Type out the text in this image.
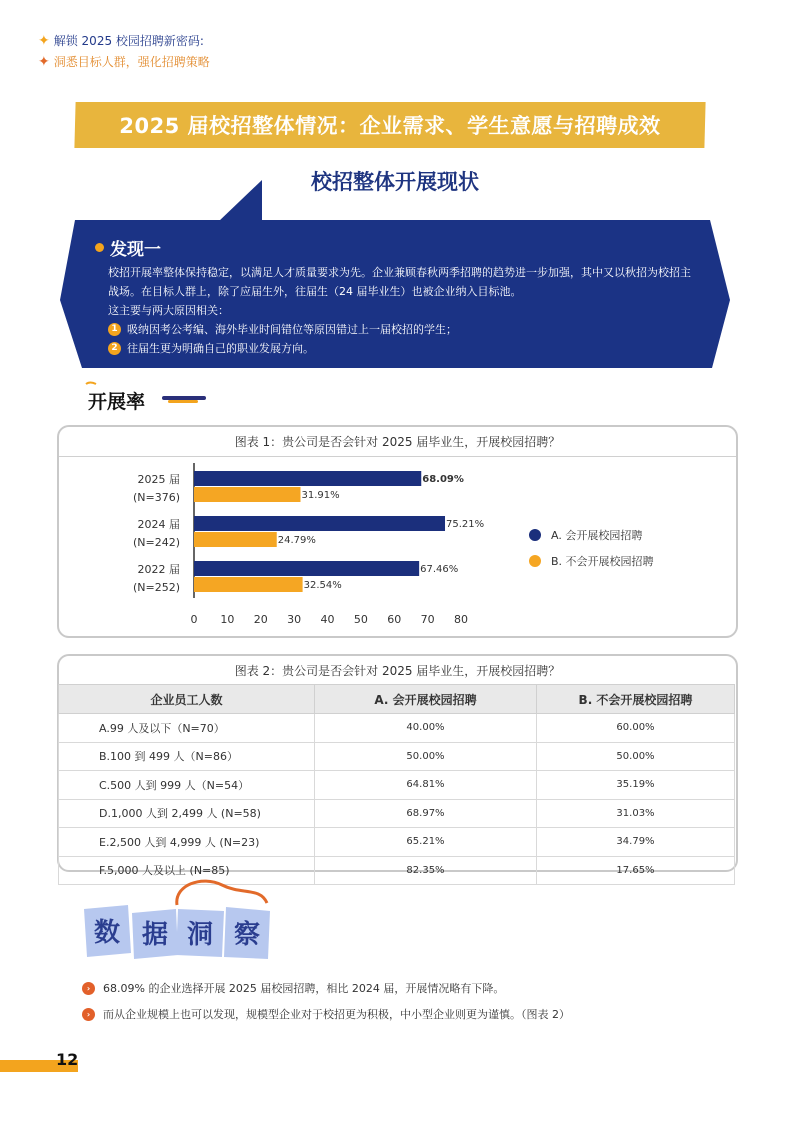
✦ 解锁 2025 校园招聘新密码:
✦ 洞悉目标人群，强化招聘策略
2025 届校招整体情况：企业需求、学生意愿与招聘成效
校招整体开展现状
发现一
校招开展率整体保持稳定，以满足人才质量要求为先。企业兼顾春秋两季招聘的趋势进一步加强，其中又以秋招为校招主战场。在目标人群上，除了应届生外，往届生（24 届毕业生）也被企业纳入目标池。
这主要与两大原因相关：
1 吸纳因考公考编、海外毕业时间错位等原因错过上一届校招的学生；
2 往届生更为明确自己的职业发展方向。
开展率
图表 1：贵公司是否会针对 2025 届毕业生，开展校园招聘？
2025 届
(N=376)
68.09%
31.91%
2024 届
(N=242)
75.21%
24.79%
2022 届
(N=252)
67.46%
32.54%
0 10 20 30 40 50 60 70 80
A. 会开展校园招聘
B. 不会开展校园招聘
图表 2：贵公司是否会针对 2025 届毕业生，开展校园招聘？
企业员工人数	A. 会开展校园招聘	B. 不会开展校园招聘
A.99 人及以下（N=70）	40.00%	60.00%
B.100 到 499 人（N=86）	50.00%	50.00%
C.500 人到 999 人（N=54）	64.81%	35.19%
D.1,000 人到 2,499 人 (N=58)	68.97%	31.03%
E.2,500 人到 4,999 人 (N=23)	65.21%	34.79%
F.5,000 人及以上 (N=85)	82.35%	17.65%
数 据 洞 察
›	68.09% 的企业选择开展 2025 届校园招聘，相比 2024 届，开展情况略有下降。
›	而从企业规模上也可以发现，规模型企业对于校招更为积极，中小型企业则更为谨慎。（图表 2）
12
